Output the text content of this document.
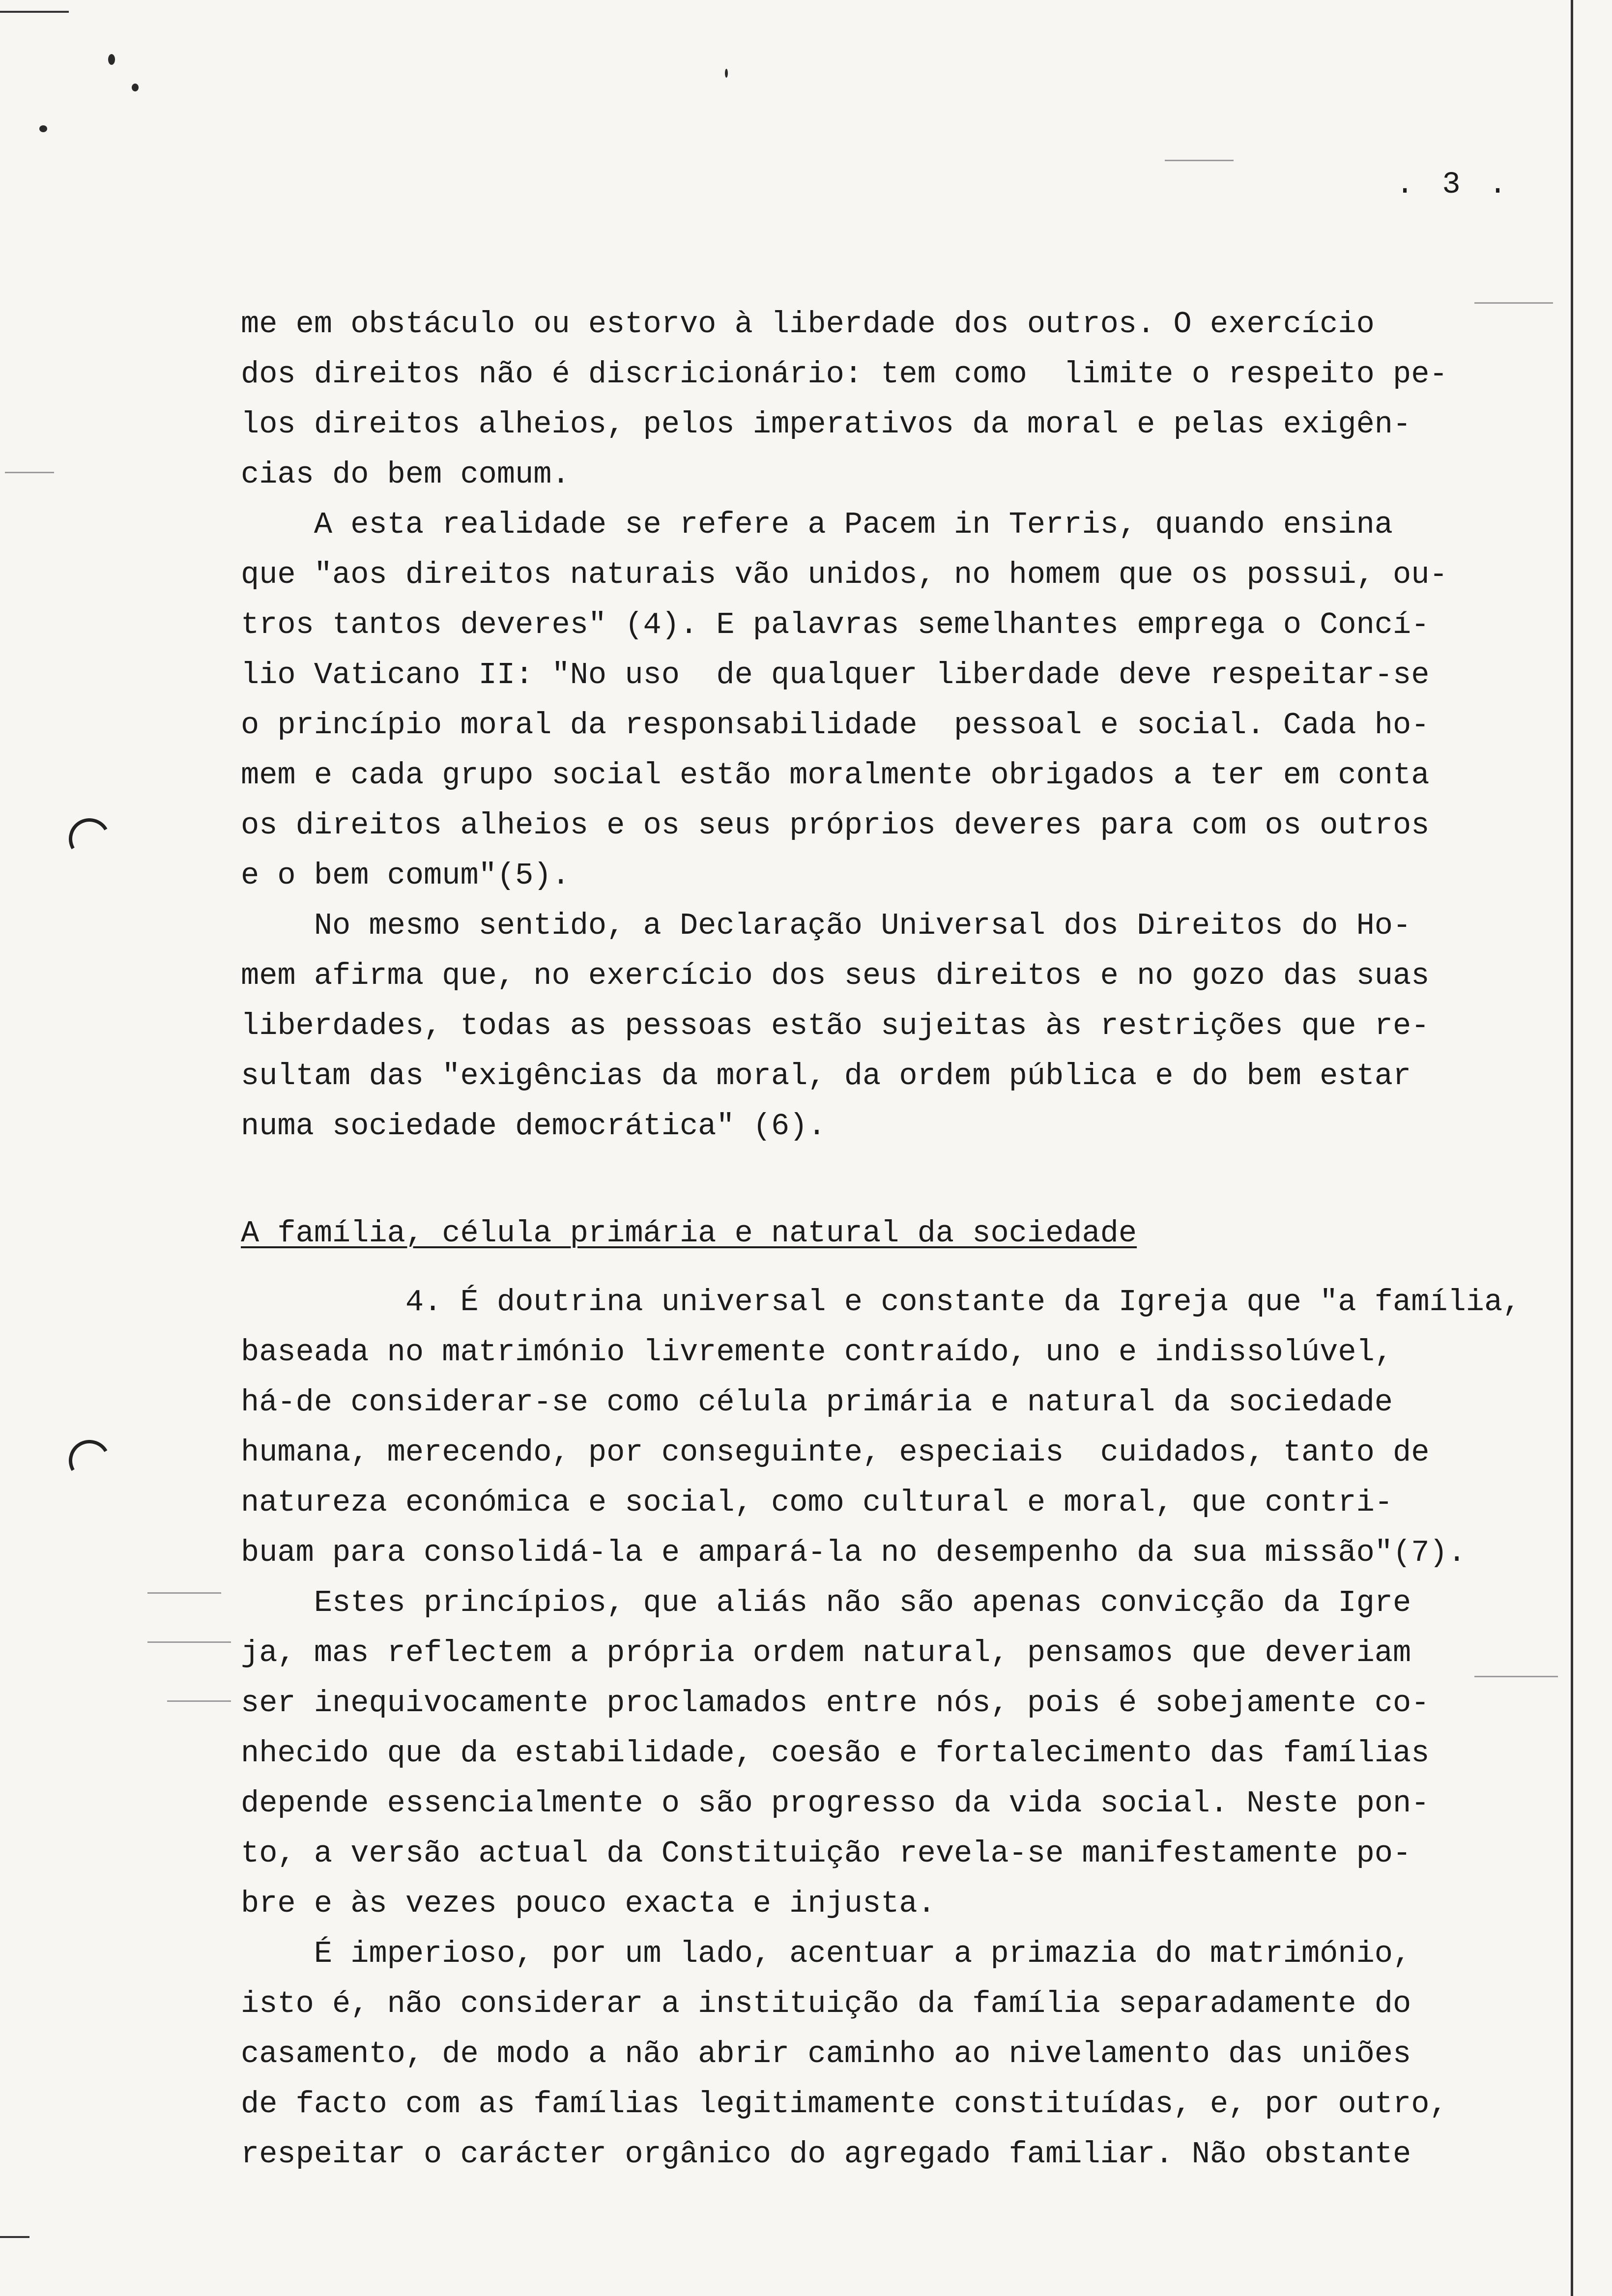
. 3 .
me em obstáculo ou estorvo à liberdade dos outros. O exercício
dos direitos não é discricionário: tem como  limite o respeito pe-
los direitos alheios, pelos imperativos da moral e pelas exigên-
cias do bem comum.
A esta realidade se refere a Pacem in Terris, quando ensina
que "aos direitos naturais vão unidos, no homem que os possui, ou-
tros tantos deveres" (4). E palavras semelhantes emprega o Concí-
lio Vaticano II: "No uso  de qualquer liberdade deve respeitar-se
o princípio moral da responsabilidade  pessoal e social. Cada ho-
mem e cada grupo social estão moralmente obrigados a ter em conta
os direitos alheios e os seus próprios deveres para com os outros
e o bem comum"(5).
No mesmo sentido, a Declaração Universal dos Direitos do Ho-
mem afirma que, no exercício dos seus direitos e no gozo das suas
liberdades, todas as pessoas estão sujeitas às restrições que re-
sultam das "exigências da moral, da ordem pública e do bem estar
numa sociedade democrática" (6).
A família, célula primária e natural da sociedade
4. É doutrina universal e constante da Igreja que "a família,
baseada no matrimónio livremente contraído, uno e indissolúvel,
há-de considerar-se como célula primária e natural da sociedade
humana, merecendo, por conseguinte, especiais  cuidados, tanto de
natureza económica e social, como cultural e moral, que contri-
buam para consolidá-la e ampará-la no desempenho da sua missão"(7).
Estes princípios, que aliás não são apenas convicção da Igre
ja, mas reflectem a própria ordem natural, pensamos que deveriam
ser inequivocamente proclamados entre nós, pois é sobejamente co-
nhecido que da estabilidade, coesão e fortalecimento das famílias
depende essencialmente o são progresso da vida social. Neste pon-
to, a versão actual da Constituição revela-se manifestamente po-
bre e às vezes pouco exacta e injusta.
É imperioso, por um lado, acentuar a primazia do matrimónio,
isto é, não considerar a instituição da família separadamente do
casamento, de modo a não abrir caminho ao nivelamento das uniões
de facto com as famílias legitimamente constituídas, e, por outro,
respeitar o carácter orgânico do agregado familiar. Não obstante
